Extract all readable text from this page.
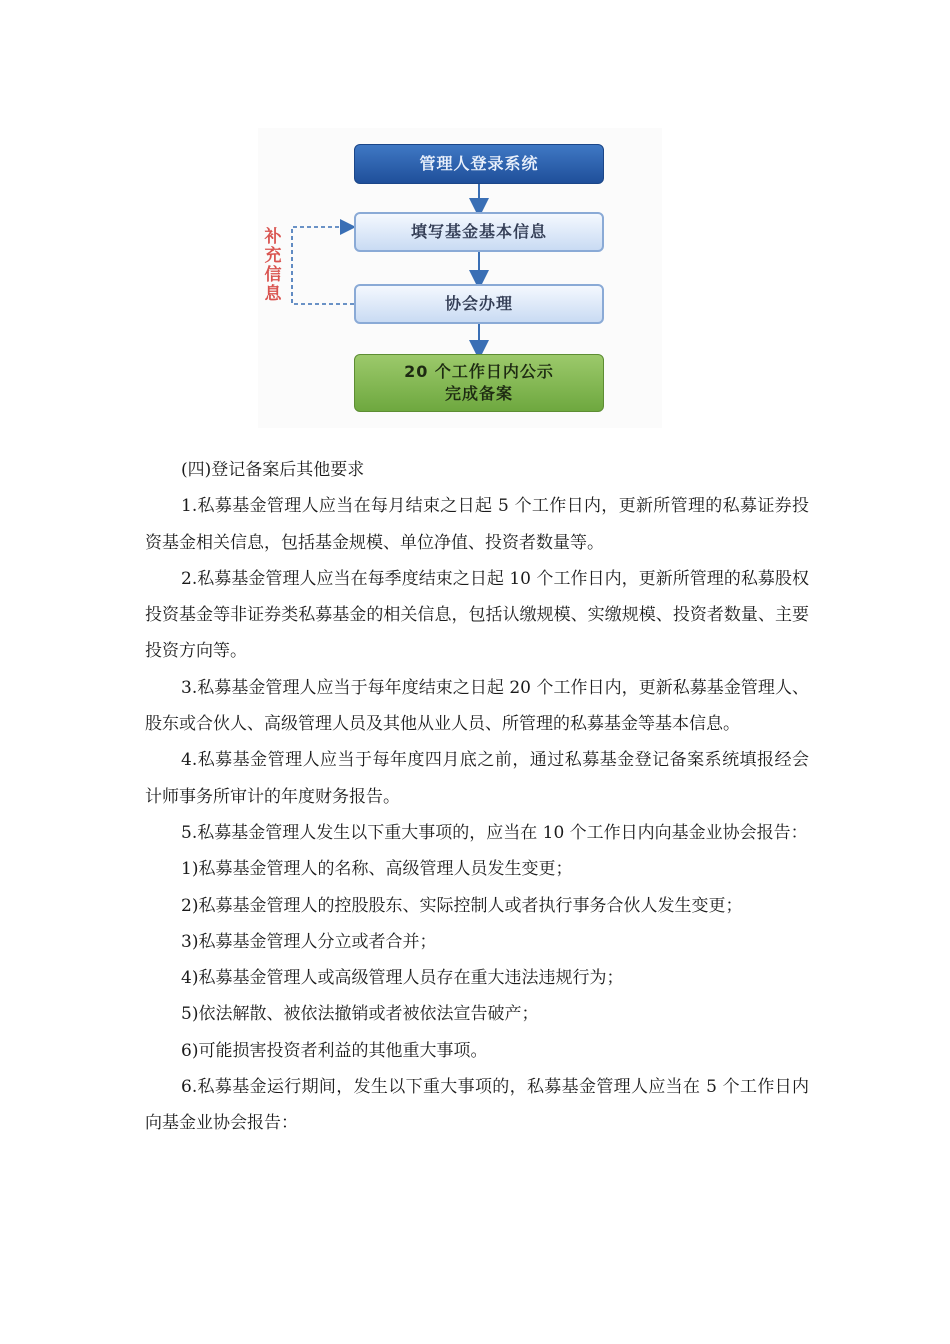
管理人登录系统
填写基金基本信息
协会办理
20 个工作日内公示
完成备案
补充信息

(四)登记备案后其他要求

1.私募基金管理人应当在每月结束之日起 5 个工作日内，更新所管理的私募证券投资基金相关信息，包括基金规模、单位净值、投资者数量等。

2.私募基金管理人应当在每季度结束之日起 10 个工作日内，更新所管理的私募股权投资基金等非证券类私募基金的相关信息，包括认缴规模、实缴规模、投资者数量、主要投资方向等。

3.私募基金管理人应当于每年度结束之日起 20 个工作日内，更新私募基金管理人、股东或合伙人、高级管理人员及其他从业人员、所管理的私募基金等基本信息。

4.私募基金管理人应当于每年度四月底之前，通过私募基金登记备案系统填报经会计师事务所审计的年度财务报告。

5.私募基金管理人发生以下重大事项的，应当在 10 个工作日内向基金业协会报告：

1)私募基金管理人的名称、高级管理人员发生变更；

2)私募基金管理人的控股股东、实际控制人或者执行事务合伙人发生变更；

3)私募基金管理人分立或者合并；

4)私募基金管理人或高级管理人员存在重大违法违规行为；

5)依法解散、被依法撤销或者被依法宣告破产；

6)可能损害投资者利益的其他重大事项。

6.私募基金运行期间，发生以下重大事项的，私募基金管理人应当在 5 个工作日内向基金业协会报告：
